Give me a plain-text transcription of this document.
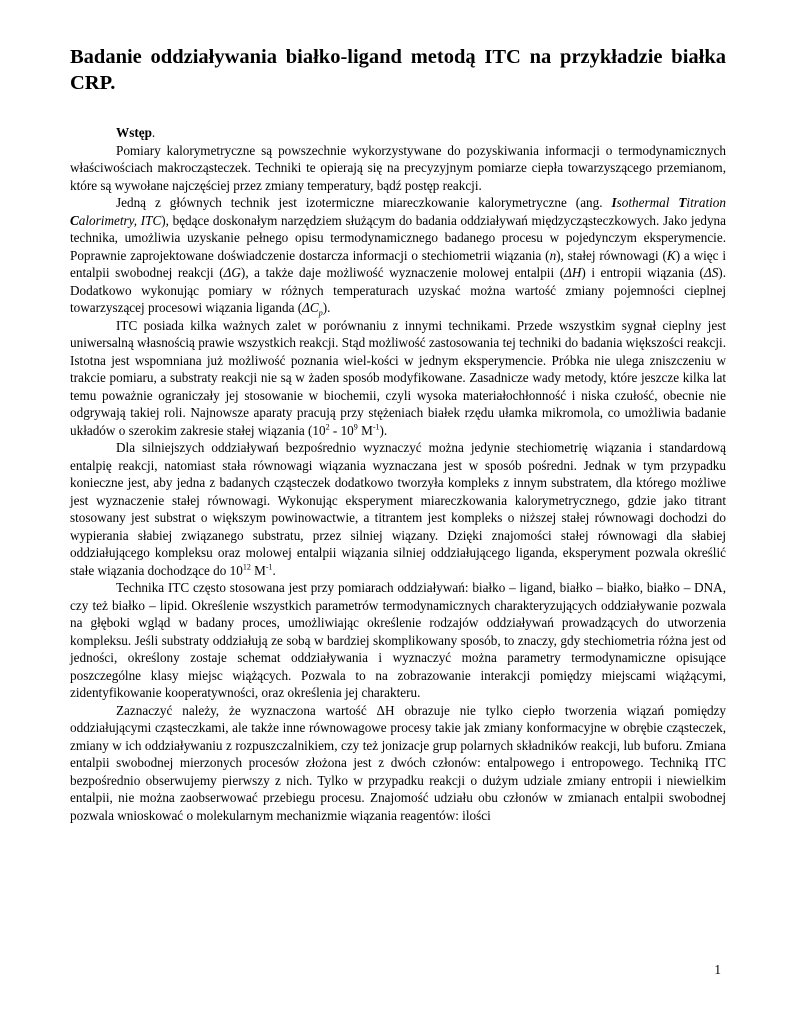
Badanie oddziaływania białko-ligand metodą ITC na przykładzie białka CRP.
Wstęp.

Pomiary kalorymetryczne są powszechnie wykorzystywane do pozyskiwania informacji o termodynamicznych właściwościach makrocząsteczek. Techniki te opierają się na precyzyjnym pomiarze ciepła towarzyszącego przemianom, które są wywołane najczęściej przez zmiany temperatury, bądź postęp reakcji.

Jedną z głównych technik jest izotermiczne miareczkowanie kalorymetryczne (ang. Isothermal Titration Calorimetry, ITC), będące doskonałym narzędziem służącym do badania oddziaływań międzycząsteczkowych. Jako jedyna technika, umożliwia uzyskanie pełnego opisu termodynamicznego badanego procesu w pojedynczym eksperymencie. Poprawnie zaprojektowane doświadczenie dostarcza informacji o stechiometrii wiązania (n), stałej równowagi (K) a więc i entalpii swobodnej reakcji (ΔG), a także daje możliwość wyznaczenie molowej entalpii (ΔH) i entropii wiązania (ΔS). Dodatkowo wykonując pomiary w różnych temperaturach uzyskać można wartość zmiany pojemności cieplnej towarzyszącej procesowi wiązania liganda $(\Delta C_p)$.

ITC posiada kilka ważnych zalet w porównaniu z innymi technikami. Przede wszystkim sygnał cieplny jest uniwersalną własnością prawie wszystkich reakcji. Stąd możliwość zastosowania tej techniki do badania większości reakcji. Istotna jest wspomniana już możliwość poznania wiel-kości w jednym eksperymencie. Próbka nie ulega zniszczeniu w trakcie pomiaru, a substraty reakcji nie są w żaden sposób modyfikowane. Zasadnicze wady metody, które jeszcze kilka lat temu poważnie ograniczały jej stosowanie w biochemii, czyli wysoka materiałochłonność i niska czułość, obecnie nie odgrywają takiej roli. Najnowsze aparaty pracują przy stężeniach białek rzędu ułamka mikromola, co umożliwia badanie układów o szerokim zakresie stałej wiązania ($10^2 - 10^9$ $M^{-1}$).

Dla silniejszych oddziaływań bezpośrednio wyznaczyć można jedynie stechiometrię wiązania i standardową entalpię reakcji, natomiast stała równowagi wiązania wyznaczana jest w sposób pośredni. Jednak w tym przypadku konieczne jest, aby jedna z badanych cząsteczek dodatkowo tworzyła kompleks z innym substratem, dla którego możliwe jest wyznaczenie stałej równowagi. Wykonując eksperyment miareczkowania kalorymetrycznego, gdzie jako titrant stosowany jest substrat o większym powinowactwie, a titrantem jest kompleks o niższej stałej równowagi dochodzi do wypierania słabiej związanego substratu, przez silniej wiązany. Dzięki znajomości stałej równowagi dla słabiej oddziałującego kompleksu oraz molowej entalpii wiązania silniej oddziałującego liganda, eksperyment pozwala określić stałe wiązania dochodzące do $10^{12}$ $M^{-1}$.

Technika ITC często stosowana jest przy pomiarach oddziaływań: białko – ligand, białko – białko, białko – DNA, czy też białko – lipid. Określenie wszystkich parametrów termodynamicznych charakteryzujących oddziaływanie pozwala na głęboki wgląd w badany proces, umożliwiając określenie rodzajów oddziaływań prowadzących do utworzenia kompleksu. Jeśli substraty oddziałują ze sobą w bardziej skomplikowany sposób, to znaczy, gdy stechiometria różna jest od jedności, określony zostaje schemat oddziaływania i wyznaczyć można parametry termodynamiczne opisujące poszczególne klasy miejsc wiążących. Pozwala to na zobrazowanie interakcji pomiędzy miejscami wiążącymi, zidentyfikowanie kooperatywności, oraz określenia jej charakteru.

Zaznaczyć należy, że wyznaczona wartość ΔH obrazuje nie tylko ciepło tworzenia wiązań pomiędzy oddziałującymi cząsteczkami, ale także inne równowagowe procesy takie jak zmiany konformacyjne w obrębie cząsteczek, zmiany w ich oddziaływaniu z rozpuszczalnikiem, czy też jonizacje grup polarnych składników reakcji, lub buforu. Zmiana entalpii swobodnej mierzonych procesów złożona jest z dwóch członów: entalpowego i entropowego. Techniką ITC bezpośrednio obserwujemy pierwszy z nich. Tylko w przypadku reakcji o dużym udziale zmiany entropii i niewielkim entalpii, nie można zaobserwować przebiegu procesu. Znajomość udziału obu członów w zmianach entalpii swobodnej pozwala wnioskować o molekularnym mechanizmie wiązania reagentów: ilości

1
